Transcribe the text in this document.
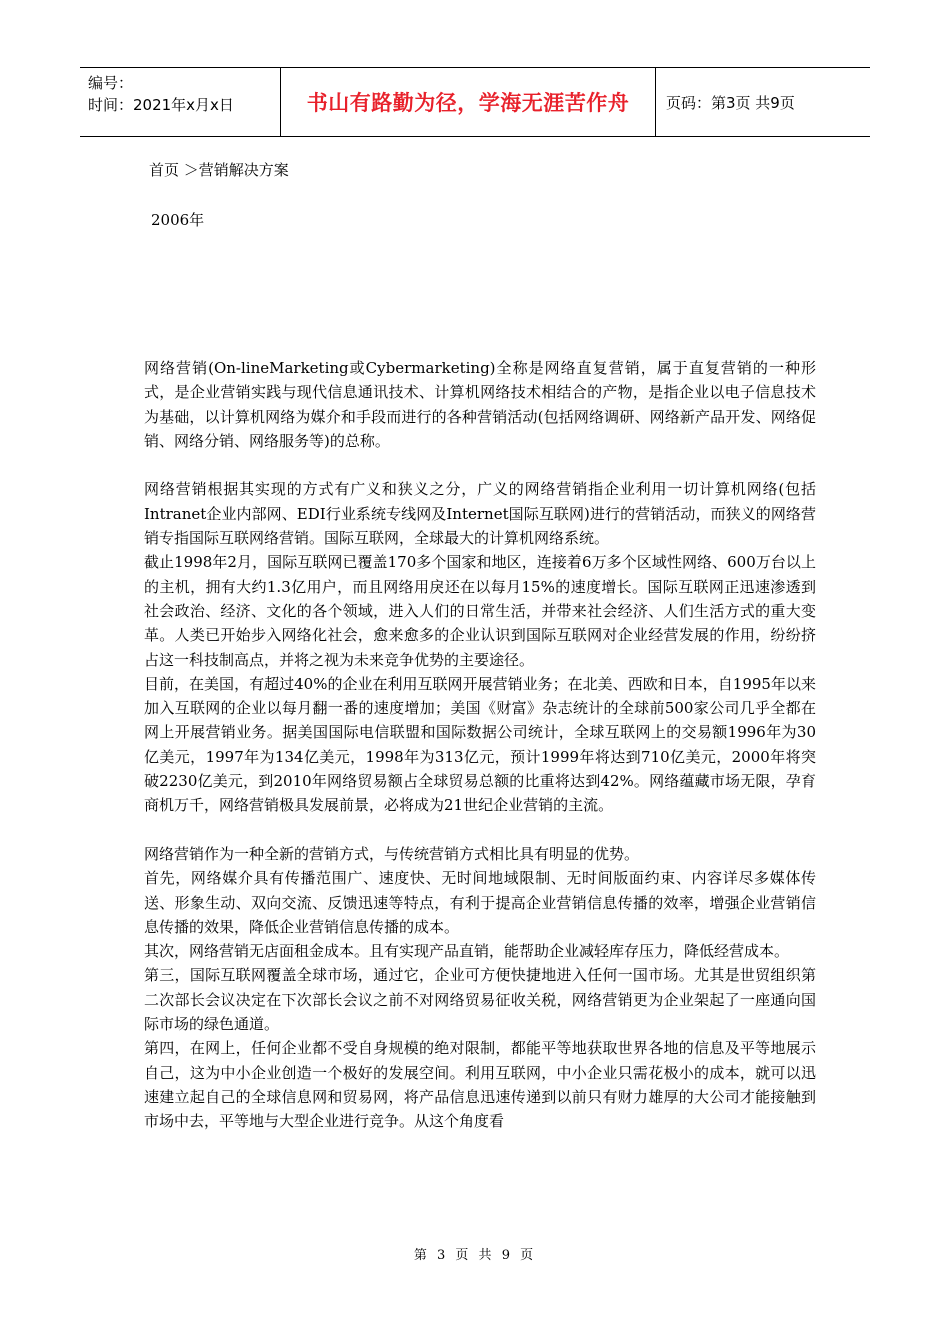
编号：
时间：2021年x月x日	书山有路勤为径，学海无涯苦作舟	页码：第3页 共9页
首页 ＞营销解决方案
2006年

网络营销(On-lineMarketing或Cybermarketing)全称是网络直复营销，属于直复营销的一种形式，是企业营销实践与现代信息通讯技术、计算机网络技术相结合的产物，是指企业以电子信息技术为基础，以计算机网络为媒介和手段而进行的各种营销活动(包括网络调研、网络新产品开发、网络促销、网络分销、网络服务等)的总称。

网络营销根据其实现的方式有广义和狭义之分，广义的网络营销指企业利用一切计算机网络(包括Intranet企业内部网、EDI行业系统专线网及Internet国际互联网)进行的营销活动，而狭义的网络营销专指国际互联网络营销。国际互联网，全球最大的计算机网络系统。

截止1998年2月，国际互联网已覆盖170多个国家和地区，连接着6万多个区域性网络、600万台以上的主机，拥有大约1.3亿用户，而且网络用戾还在以每月15%的速度增长。国际互联网正迅速渗透到社会政治、经济、文化的各个领域，进入人们的日常生活，并带来社会经济、人们生活方式的重大变革。人类已开始步入网络化社会，愈来愈多的企业认识到国际互联网对企业经营发展的作用，纷纷挤占这一科技制高点，并将之视为未来竞争优势的主要途径。

目前，在美国，有超过40%的企业在利用互联网开展营销业务；在北美、西欧和日本，自1995年以来加入互联网的企业以每月翻一番的速度增加；美国《财富》杂志统计的全球前500家公司几乎全都在网上开展营销业务。据美国国际电信联盟和国际数据公司统计，全球互联网上的交易额1996年为30亿美元，1997年为134亿美元，1998年为313亿元，预计1999年将达到710亿美元，2000年将突破2230亿美元，到2010年网络贸易额占全球贸易总额的比重将达到42%。网络蕴藏市场无限，孕育商机万千，网络营销极具发展前景，必将成为21世纪企业营销的主流。

网络营销作为一种全新的营销方式，与传统营销方式相比具有明显的优势。

首先，网络媒介具有传播范围广、速度快、无时间地域限制、无时间版面约束、内容详尽多媒体传送、形象生动、双向交流、反馈迅速等特点，有利于提高企业营销信息传播的效率，增强企业营销信息传播的效果，降低企业营销信息传播的成本。

其次，网络营销无店面租金成本。且有实现产品直销，能帮助企业减轻库存压力，降低经营成本。

第三，国际互联网覆盖全球市场，通过它，企业可方便快捷地进入任何一国市场。尤其是世贸组织第二次部长会议决定在下次部长会议之前不对网络贸易征收关税，网络营销更为企业架起了一座通向国际市场的绿色通道。

第四，在网上，任何企业都不受自身规模的绝对限制，都能平等地获取世界各地的信息及平等地展示自己，这为中小企业创造一个极好的发展空间。利用互联网，中小企业只需花极小的成本，就可以迅速建立起自己的全球信息网和贸易网，将产品信息迅速传递到以前只有财力雄厚的大公司才能接触到市场中去，平等地与大型企业进行竞争。从这个角度看

第 3 页 共 9 页
